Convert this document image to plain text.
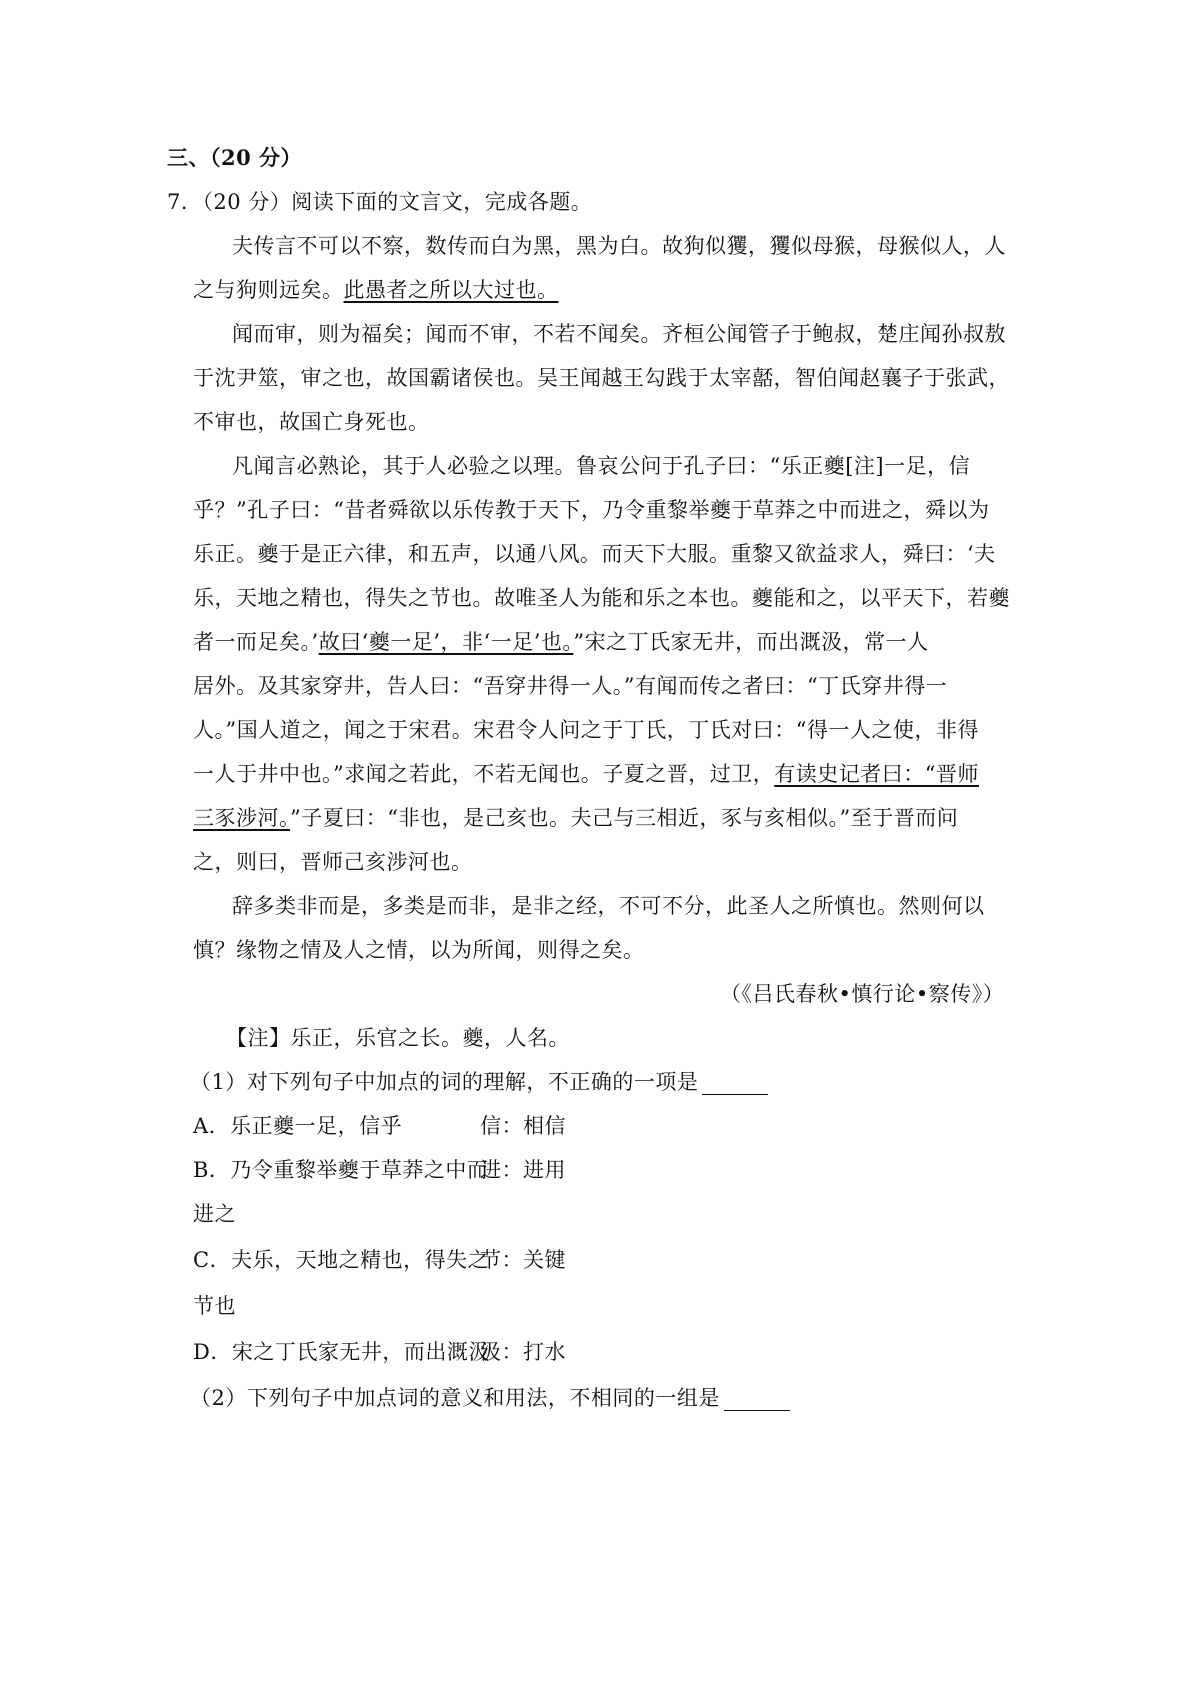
三、（20 分）
7．（20 分）阅读下面的文言文，完成各题。
夫传言不可以不察，数传而白为黑，黑为白。故狗似玃，玃似母猴，母猴似人，人
之与狗则远矣。此愚者之所以大过也。
闻而审，则为福矣；闻而不审，不若不闻矣。齐桓公闻管子于鲍叔，楚庄闻孙叔敖
于沈尹筮，审之也，故国霸诸侯也。吴王闻越王勾践于太宰嚭，智伯闻赵襄子于张武，
不审也，故国亡身死也。
凡闻言必熟论，其于人必验之以理。鲁哀公问于孔子曰：“乐正夔[注]一足，信
乎？”孔子曰：“昔者舜欲以乐传教于天下，乃令重黎举夔于草莽之中而进之，舜以为
乐正。夔于是正六律，和五声，以通八风。而天下大服。重黎又欲益求人，舜曰：‘夫
乐，天地之精也，得失之节也。故唯圣人为能和乐之本也。夔能和之，以平天下，若夔
者一而足矣。’故曰‘夔一足’，非‘一足’也。”宋之丁氏家无井，而出溉汲，常一人
居外。及其家穿井，告人曰：“吾穿井得一人。”有闻而传之者曰：“丁氏穿井得一
人。”国人道之，闻之于宋君。宋君令人问之于丁氏，丁氏对曰：“得一人之使，非得
一人于井中也。”求闻之若此，不若无闻也。子夏之晋，过卫，有读史记者曰：“晋师
三豕涉河。”子夏曰：“非也，是己亥也。夫己与三相近，豕与亥相似。”至于晋而问
之，则曰，晋师己亥涉河也。
辞多类非而是，多类是而非，是非之经，不可不分，此圣人之所慎也。然则何以
慎？缘物之情及人之情，以为所闻，则得之矣。
（《吕氏春秋•慎行论•察传》）
【注】乐正，乐官之长。夔，人名。
（1）对下列句子中加点的词的理解，不正确的一项是
A．乐正夔一足，信乎	信：相信
B．乃令重黎举夔于草莽之中而
进：进用
进之
C．夫乐，天地之精也，得失之
节：关键
节也
D．宋之丁氏家无井，而出溉汲
汲：打水
（2）下列句子中加点词的意义和用法，不相同的一组是
